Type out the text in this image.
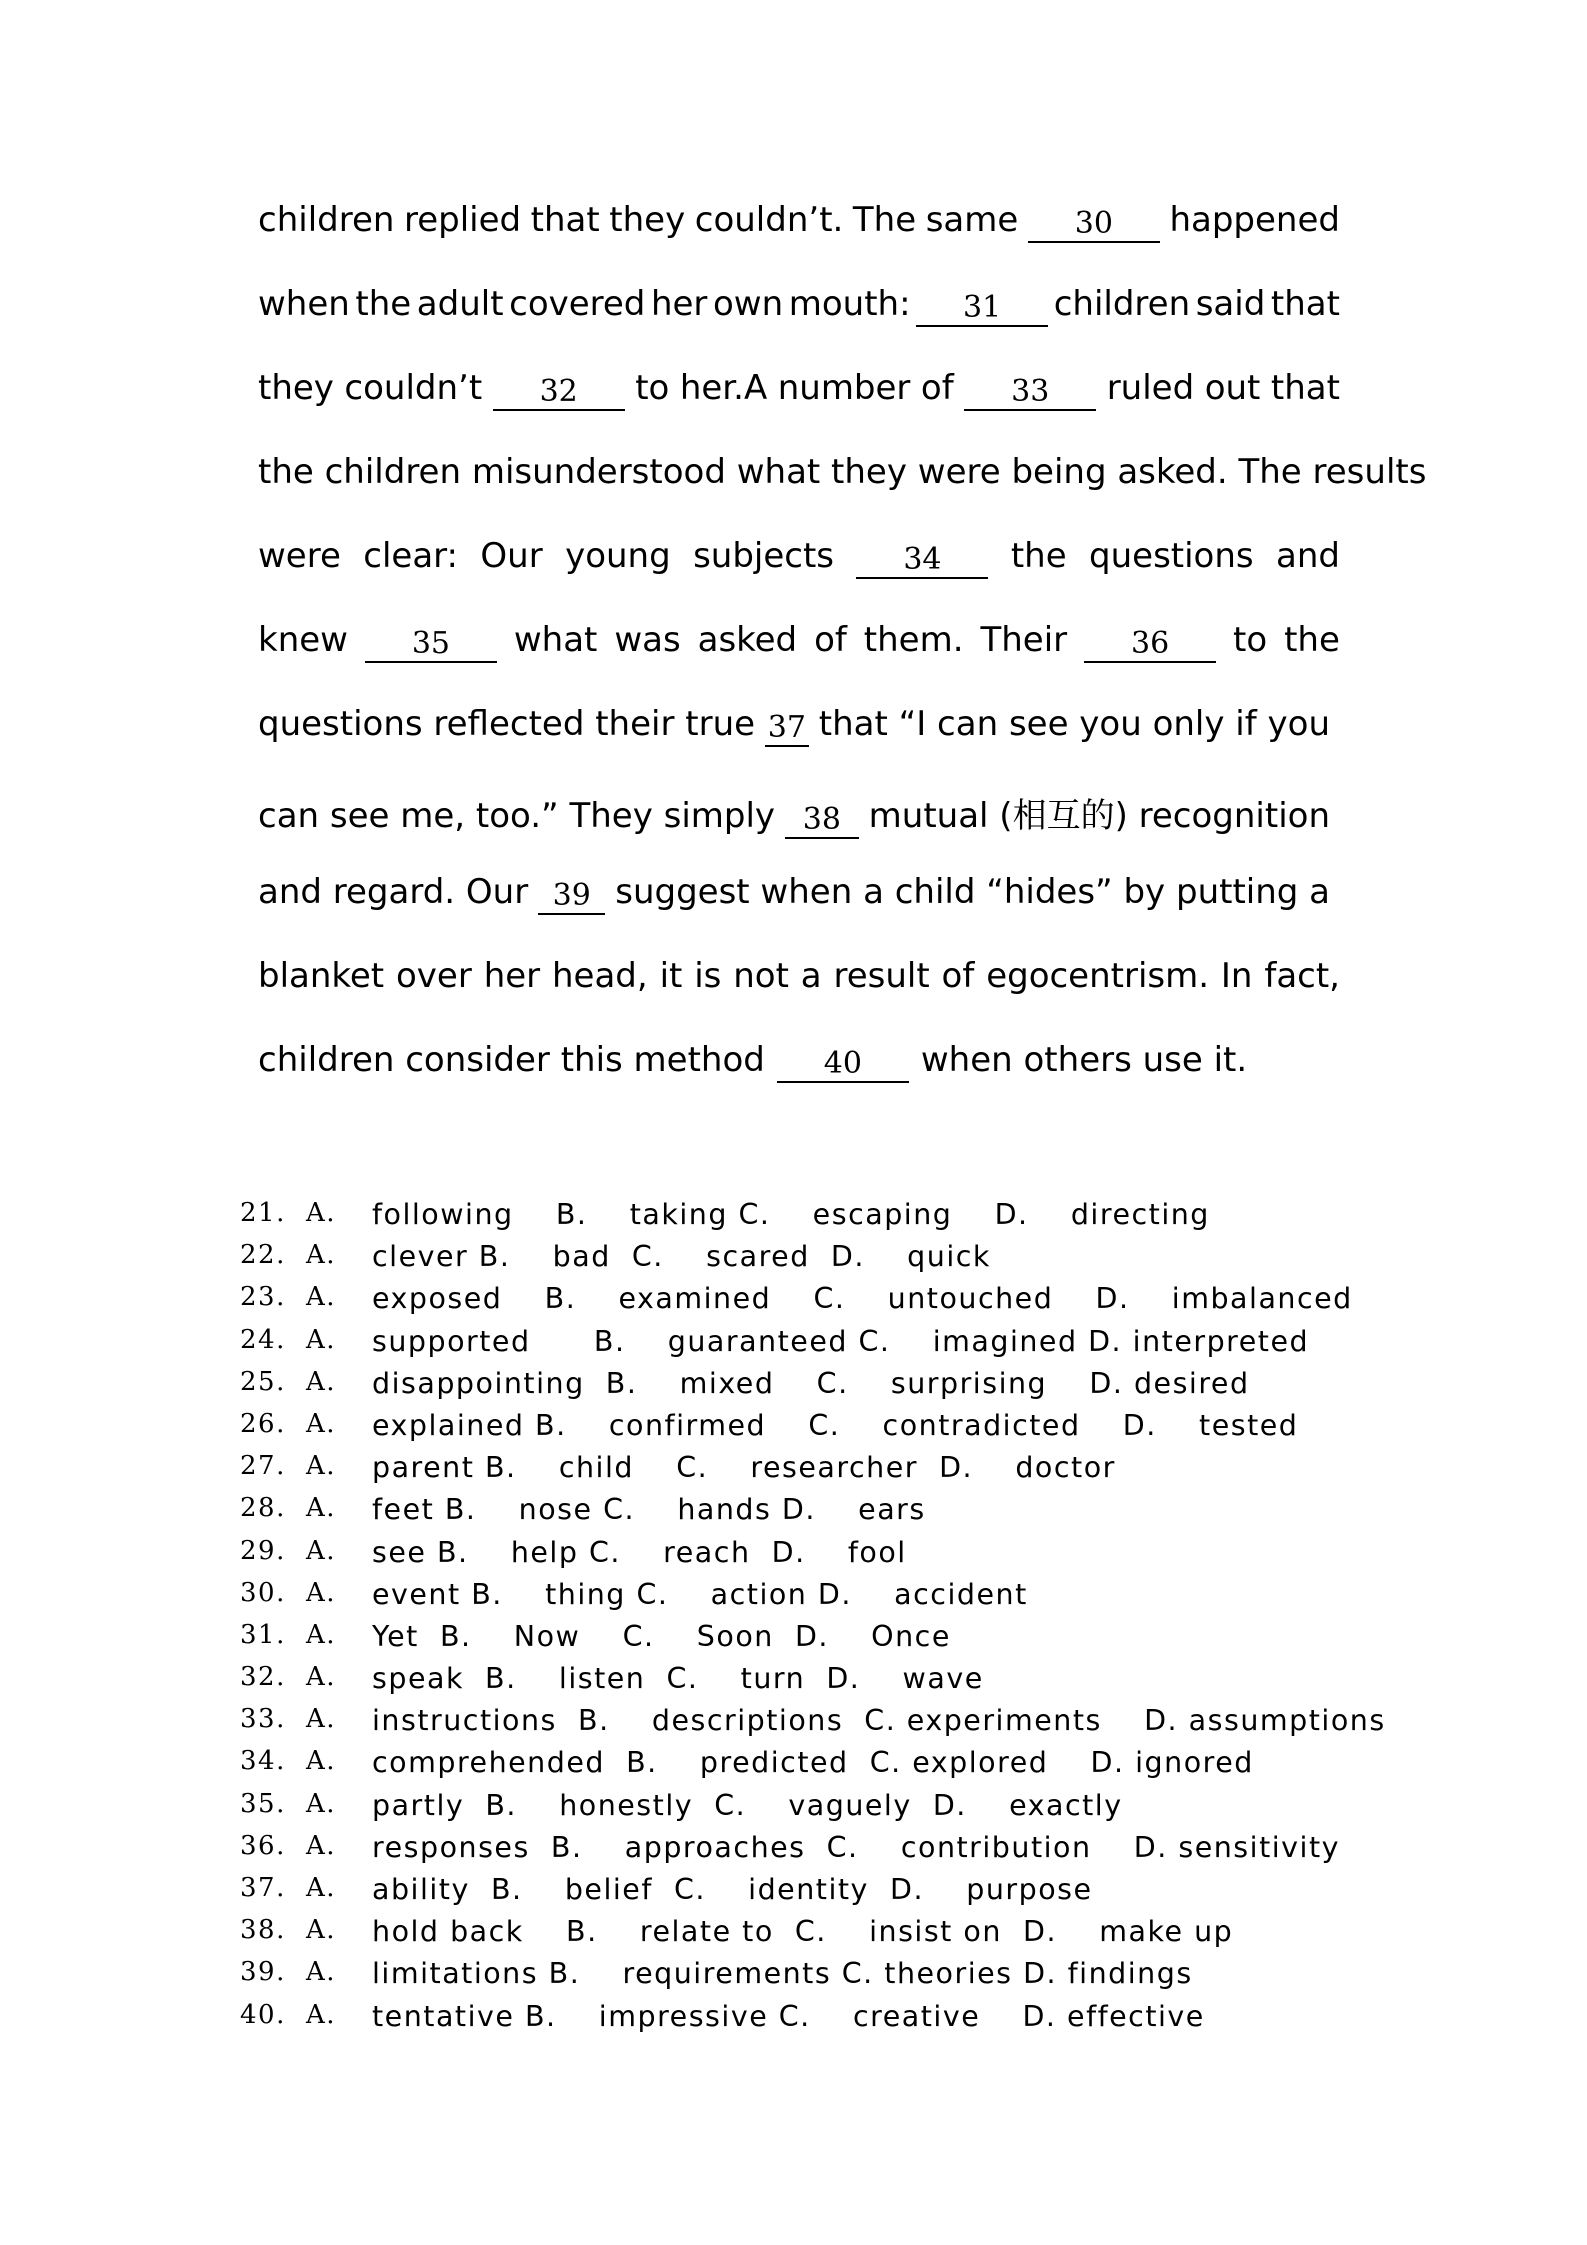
children replied that they couldn’t. The same	30	happened
when the adult covered her own mouth:	31	children said that
they couldn’t	32	to her.A number of	33	ruled out that
the children misunderstood what they were being asked. The results
were clear: Our young subjects	34	the questions and
knew	35	what was asked of them. Their	36	to the
questions reflected their true 37 that “I can see you only if you
can see me, too.” They simply 38 mutual (相互的) recognition
and regard. Our 39 suggest when a child “hides” by putting a
blanket over her head, it is not a result of egocentrism. In fact,
children consider this method	40	when others use it.
21. A. following    B.    taking C.    escaping    D.    directing
22. A. clever B.    bad  C.    scared  D.    quick
23. A. exposed    B.    examined    C.    untouched    D.    imbalanced
24. A. supported      B.    guaranteed C.    imagined D. interpreted
25. A. disappointing  B.    mixed    C.    surprising    D. desired
26. A. explained B.    confirmed    C.    contradicted    D.    tested
27. A. parent B.    child    C.    researcher  D.    doctor
28. A. feet B.    nose C.    hands D.    ears
29. A. see B.    help C.    reach  D.    fool
30. A. event B.    thing C.    action D.    accident
31. A. Yet  B.    Now    C.    Soon  D.    Once
32. A. speak  B.    listen  C.    turn  D.    wave
33. A. instructions  B.    descriptions  C. experiments    D. assumptions
34. A. comprehended  B.    predicted  C. explored    D. ignored
35. A. partly  B.    honestly  C.    vaguely  D.    exactly
36. A. responses  B.    approaches  C.    contribution    D. sensitivity
37. A. ability  B.    belief  C.    identity  D.    purpose
38. A. hold back    B.    relate to  C.    insist on  D.    make up
39. A. limitations B.    requirements C. theories D. findings
40. A. tentative B.    impressive C.    creative    D. effective
